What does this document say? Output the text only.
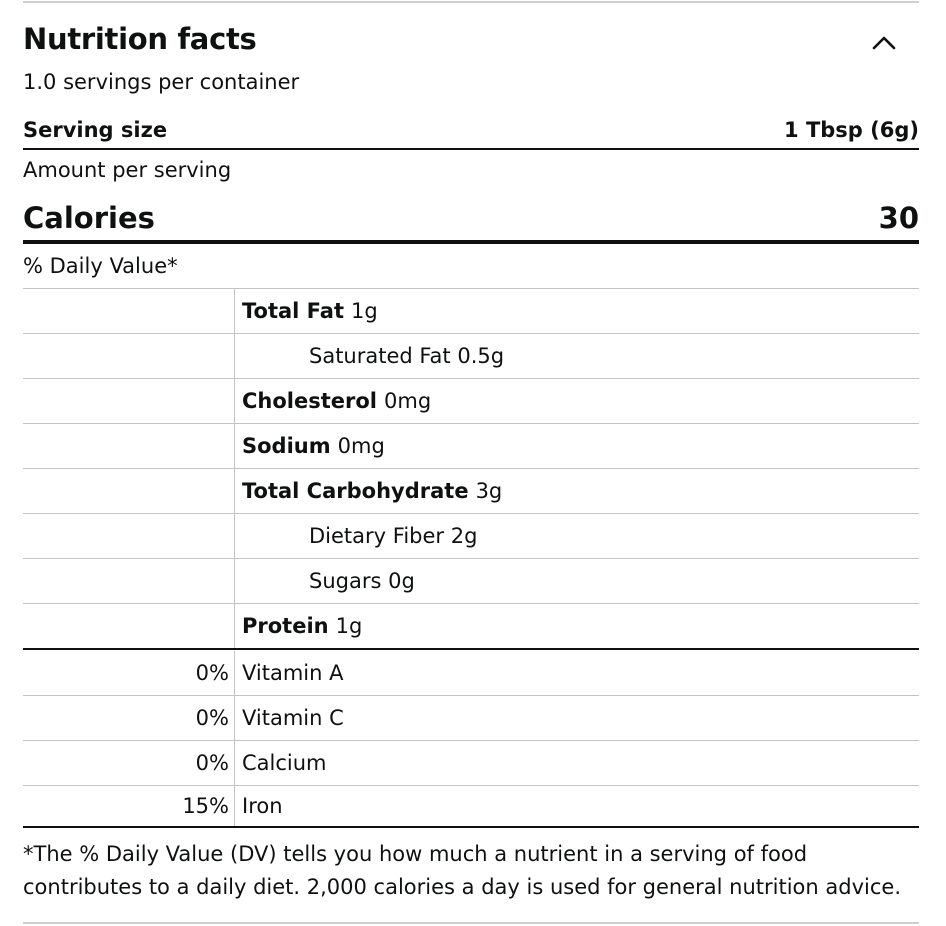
Nutrition facts
1.0 servings per container
Serving size	1 Tbsp (6g)
Amount per serving
Calories	30
% Daily Value*
Total Fat 1g
Saturated Fat
0.5g
Cholesterol 0mg
Sodium 0mg
Total Carbohydrate 3g
Dietary Fiber
2g
Sugars
0g
Protein 1g
0% Vitamin A
0% Vitamin C
0% Calcium
15% Iron
*The % Daily Value (DV) tells you how much a nutrient in a serving of food
contributes to a daily diet. 2,000 calories a day is used for general nutrition advice.
